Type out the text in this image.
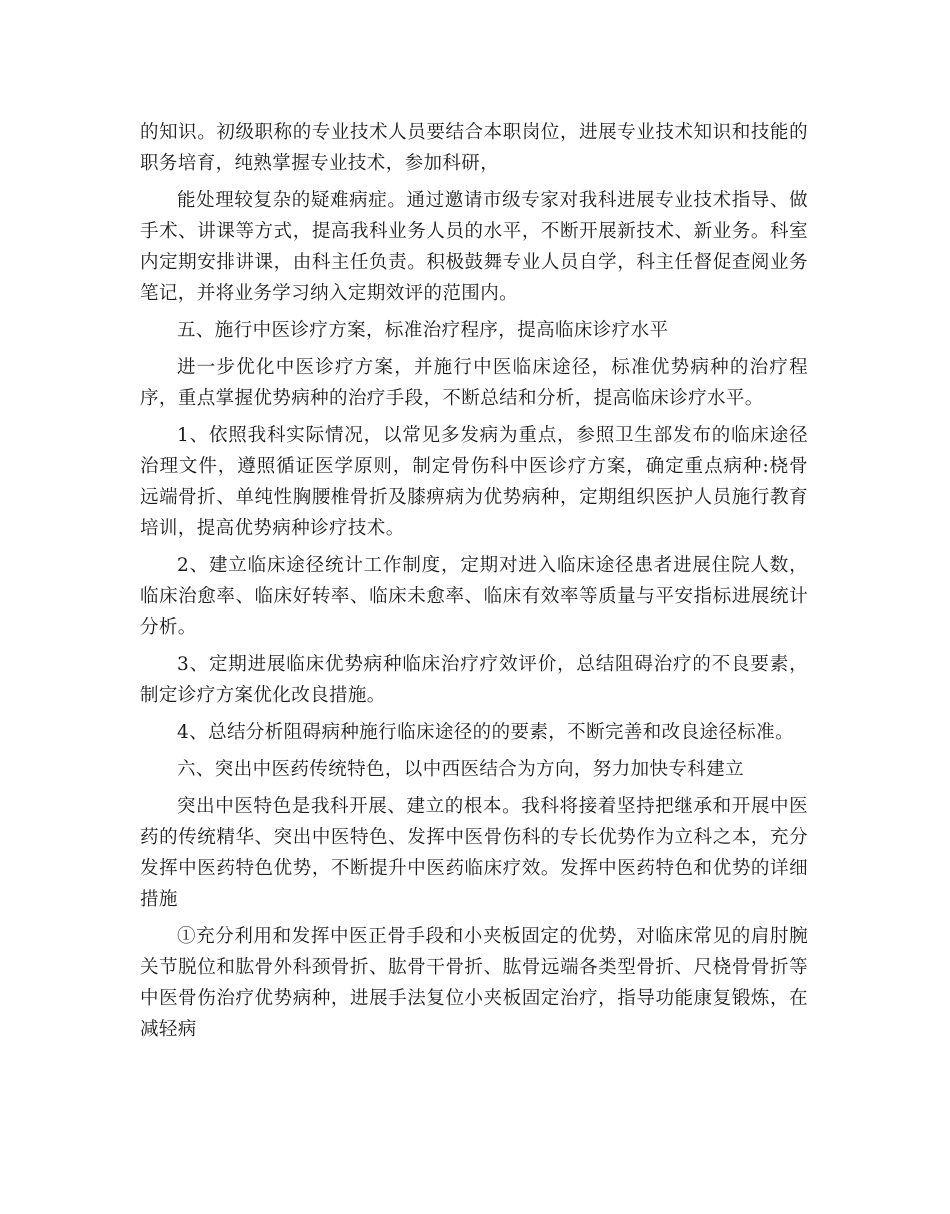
的知识。初级职称的专业技术人员要结合本职岗位，进展专业技术知识和技能的职务培育，纯熟掌握专业技术，参加科研，

能处理较复杂的疑难病症。通过邀请市级专家对我科进展专业技术指导、做手术、讲课等方式，提高我科业务人员的水平，不断开展新技术、新业务。科室内定期安排讲课，由科主任负责。积极鼓舞专业人员自学，科主任督促查阅业务笔记，并将业务学习纳入定期效评的范围内。

五、施行中医诊疗方案，标准治疗程序，提高临床诊疗水平

进一步优化中医诊疗方案，并施行中医临床途径，标准优势病种的治疗程序，重点掌握优势病种的治疗手段，不断总结和分析，提高临床诊疗水平。

1、依照我科实际情况，以常见多发病为重点，参照卫生部发布的临床途径治理文件，遵照循证医学原则，制定骨伤科中医诊疗方案，确定重点病种:桡骨远端骨折、单纯性胸腰椎骨折及膝痹病为优势病种，定期组织医护人员施行教育培训，提高优势病种诊疗技术。

2、建立临床途径统计工作制度，定期对进入临床途径患者进展住院人数，临床治愈率、临床好转率、临床未愈率、临床有效率等质量与平安指标进展统计分析。

3、定期进展临床优势病种临床治疗疗效评价，总结阻碍治疗的不良要素，制定诊疗方案优化改良措施。

4、总结分析阻碍病种施行临床途径的的要素，不断完善和改良途径标准。

六、突出中医药传统特色，以中西医结合为方向，努力加快专科建立

突出中医特色是我科开展、建立的根本。我科将接着坚持把继承和开展中医药的传统精华、突出中医特色、发挥中医骨伤科的专长优势作为立科之本，充分发挥中医药特色优势，不断提升中医药临床疗效。发挥中医药特色和优势的详细措施

①充分利用和发挥中医正骨手段和小夹板固定的优势，对临床常见的肩肘腕关节脱位和肱骨外科颈骨折、肱骨干骨折、肱骨远端各类型骨折、尺桡骨骨折等中医骨伤治疗优势病种，进展手法复位小夹板固定治疗，指导功能康复锻炼，在减轻病
